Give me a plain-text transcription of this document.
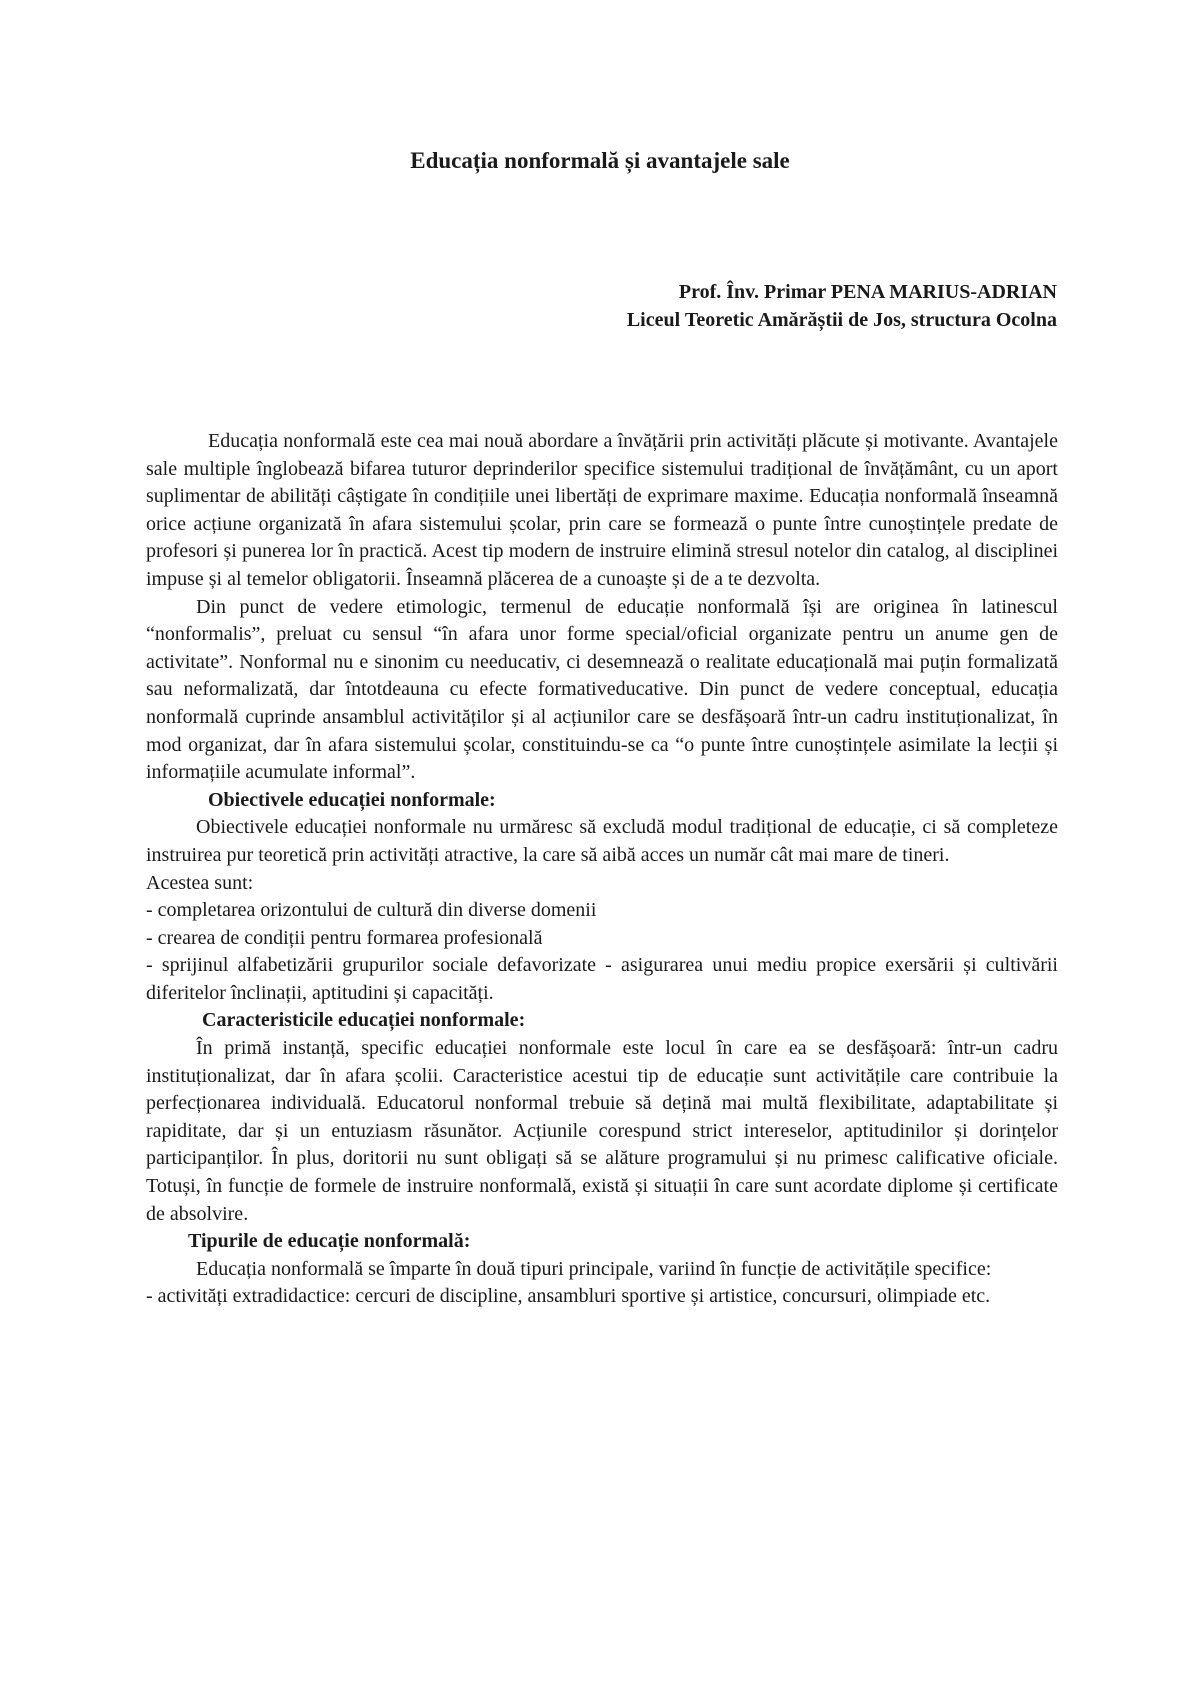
Educația nonformală și avantajele sale
Prof. Înv. Primar PENA MARIUS-ADRIAN
Liceul Teoretic Amărăștii de Jos, structura Ocolna

Educația nonformală este cea mai nouă abordare a învățării prin activități plăcute și motivante. Avantajele sale multiple înglobează bifarea tuturor deprinderilor specifice sistemului tradițional de învățământ, cu un aport suplimentar de abilități câștigate în condițiile unei libertăți de exprimare maxime. Educația nonformală înseamnă orice acțiune organizată în afara sistemului școlar, prin care se formează o punte între cunoștințele predate de profesori și punerea lor în practică. Acest tip modern de instruire elimină stresul notelor din catalog, al disciplinei impuse și al temelor obligatorii. Înseamnă plăcerea de a cunoaște și de a te dezvolta.

Din punct de vedere etimologic, termenul de educație nonformală își are originea în latinescul “nonformalis”, preluat cu sensul “în afara unor forme special/oficial organizate pentru un anume gen de activitate”. Nonformal nu e sinonim cu needucativ, ci desemnează o realitate educațională mai puțin formalizată sau neformalizată, dar întotdeauna cu efecte formativeducative. Din punct de vedere conceptual, educația nonformală cuprinde ansamblul activităților și al acțiunilor care se desfășoară într-un cadru instituționalizat, în mod organizat, dar în afara sistemului școlar, constituindu-se ca “o punte între cunoștințele asimilate la lecții și informațiile acumulate informal”.

Obiectivele educației nonformale:

Obiectivele educației nonformale nu urmăresc să excludă modul tradițional de educație, ci să completeze instruirea pur teoretică prin activități atractive, la care să aibă acces un număr cât mai mare de tineri.

Acestea sunt:

- completarea orizontului de cultură din diverse domenii

- crearea de condiții pentru formarea profesională

- sprijinul alfabetizării grupurilor sociale defavorizate - asigurarea unui mediu propice exersării și cultivării diferitelor înclinații, aptitudini și capacități.

Caracteristicile educației nonformale:

În primă instanță, specific educației nonformale este locul în care ea se desfășoară: într-un cadru instituționalizat, dar în afara școlii. Caracteristice acestui tip de educație sunt activitățile care contribuie la perfecționarea individuală. Educatorul nonformal trebuie să dețină mai multă flexibilitate, adaptabilitate și rapiditate, dar și un entuziasm răsunător. Acțiunile corespund strict intereselor, aptitudinilor și dorințelor participanților. În plus, doritorii nu sunt obligați să se alăture programului și nu primesc calificative oficiale. Totuși, în funcție de formele de instruire nonformală, există și situații în care sunt acordate diplome și certificate de absolvire.

Tipurile de educație nonformală:

Educația nonformală se împarte în două tipuri principale, variind în funcție de activitățile specifice:

- activități extradidactice: cercuri de discipline, ansambluri sportive și artistice, concursuri, olimpiade etc.
